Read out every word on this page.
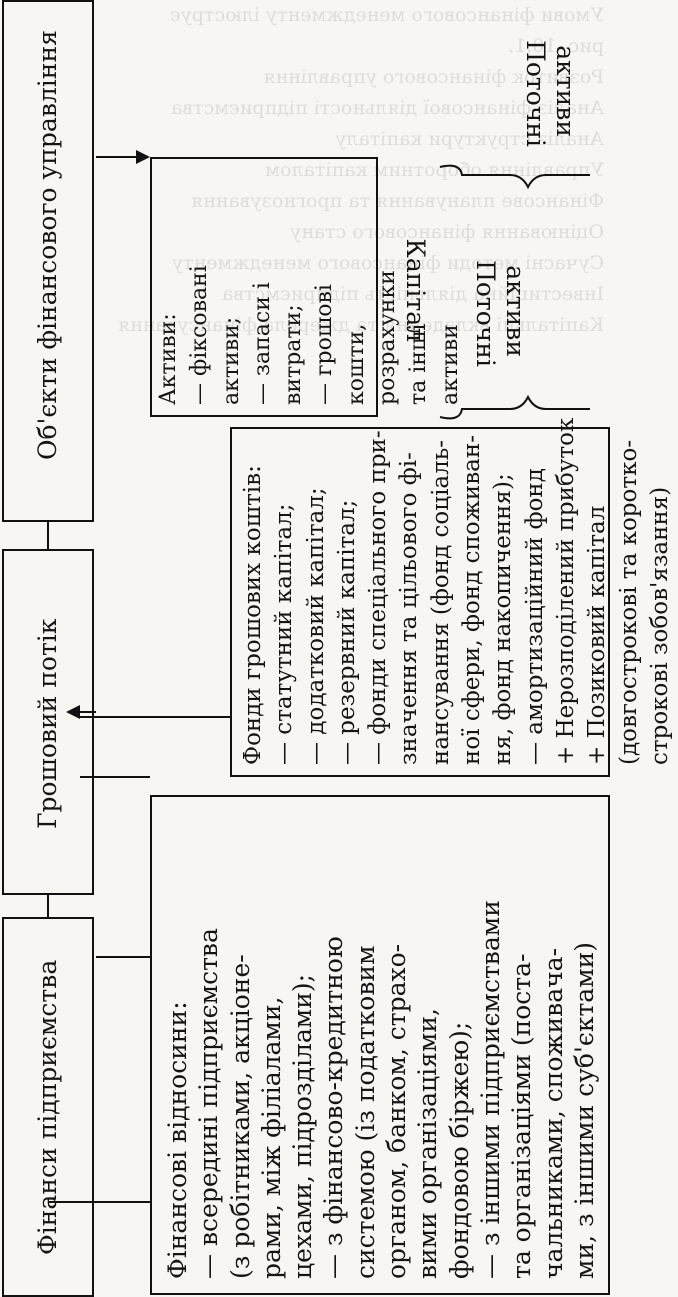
Умови фінансового менеджменту ілюструє
рис. 10.1.
Розвиток фінансового управління
Аналіз фінансової діяльності підприємства
Аналіз структури капіталу
Управління оборотним капіталом
Фінансове планування та прогнозування
Оцінювання фінансового стану
Сучасні методи фінансового менеджменту
Інвестиційна діяльність підприємства
Капітальні вкладення та джерела фінансування
Фінанси підприємства
Грошовий потік
Об'єкти фінансового управління
Фінансові відносини: — всередині підприємства (з робітниками, акціоне- рами, між філіалами, цехами, підрозділами); — з фінансово-кредитною системою (із податковим органом, банком, страхо- вими організаціями, фондовою біржею); — з іншими підприємствами та організаціями (поста- чальниками, споживача- ми, з іншими суб'єктами)
Фонди грошових коштів: — статутний капітал; — додатковий капітал; — резервний капітал; — фонди спеціального при- значення та цільового фі- нансування (фонд соціаль- ної сфери, фонд споживан- ня, фонд накопичення); — амортизаційний фонд + Нерозподілений прибуток + Позиковий капітал (довгострокові та коротко- строкові зобов'язання)
Капітал Поточні активи
Поточні активи
Активи: — фіксовані активи; — запаси і витрати; — грошові кошти, розрахунки та інші активи
